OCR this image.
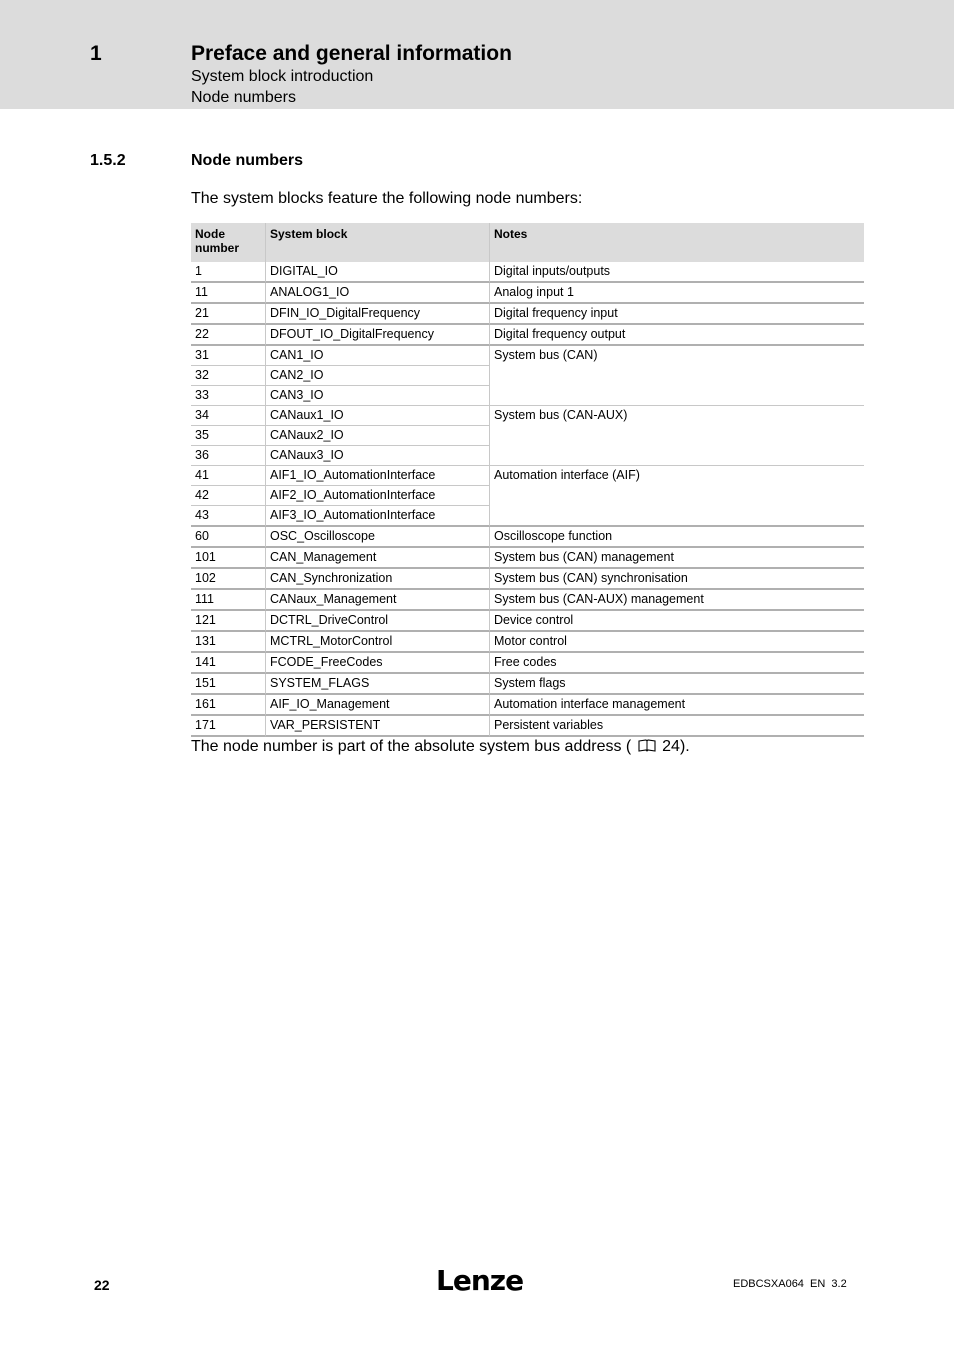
1	Preface and general information
System block introduction
Node numbers
1.5.2	Node numbers
The system blocks feature the following node numbers:
Node number	System block	Notes
1	DIGITAL_IO	Digital inputs/outputs
11	ANALOG1_IO	Analog input 1
21	DFIN_IO_DigitalFrequency	Digital frequency input
22	DFOUT_IO_DigitalFrequency	Digital frequency output
31	CAN1_IO	System bus (CAN)
32	CAN2_IO	
33	CAN3_IO	
34	CANaux1_IO	System bus (CAN-AUX)
35	CANaux2_IO	
36	CANaux3_IO	
41	AIF1_IO_AutomationInterface	Automation interface (AIF)
42	AIF2_IO_AutomationInterface	
43	AIF3_IO_AutomationInterface	
60	OSC_Oscilloscope	Oscilloscope function
101	CAN_Management	System bus (CAN) management
102	CAN_Synchronization	System bus (CAN) synchronisation
111	CANaux_Management	System bus (CAN-AUX) management
121	DCTRL_DriveControl	Device control
131	MCTRL_MotorControl	Motor control
141	FCODE_FreeCodes	Free codes
151	SYSTEM_FLAGS	System flags
161	AIF_IO_Management	Automation interface management
171	VAR_PERSISTENT	Persistent variables
The node number is part of the absolute system bus address ( 24).
22	Lenze	EDBCSXA064  EN  3.2
